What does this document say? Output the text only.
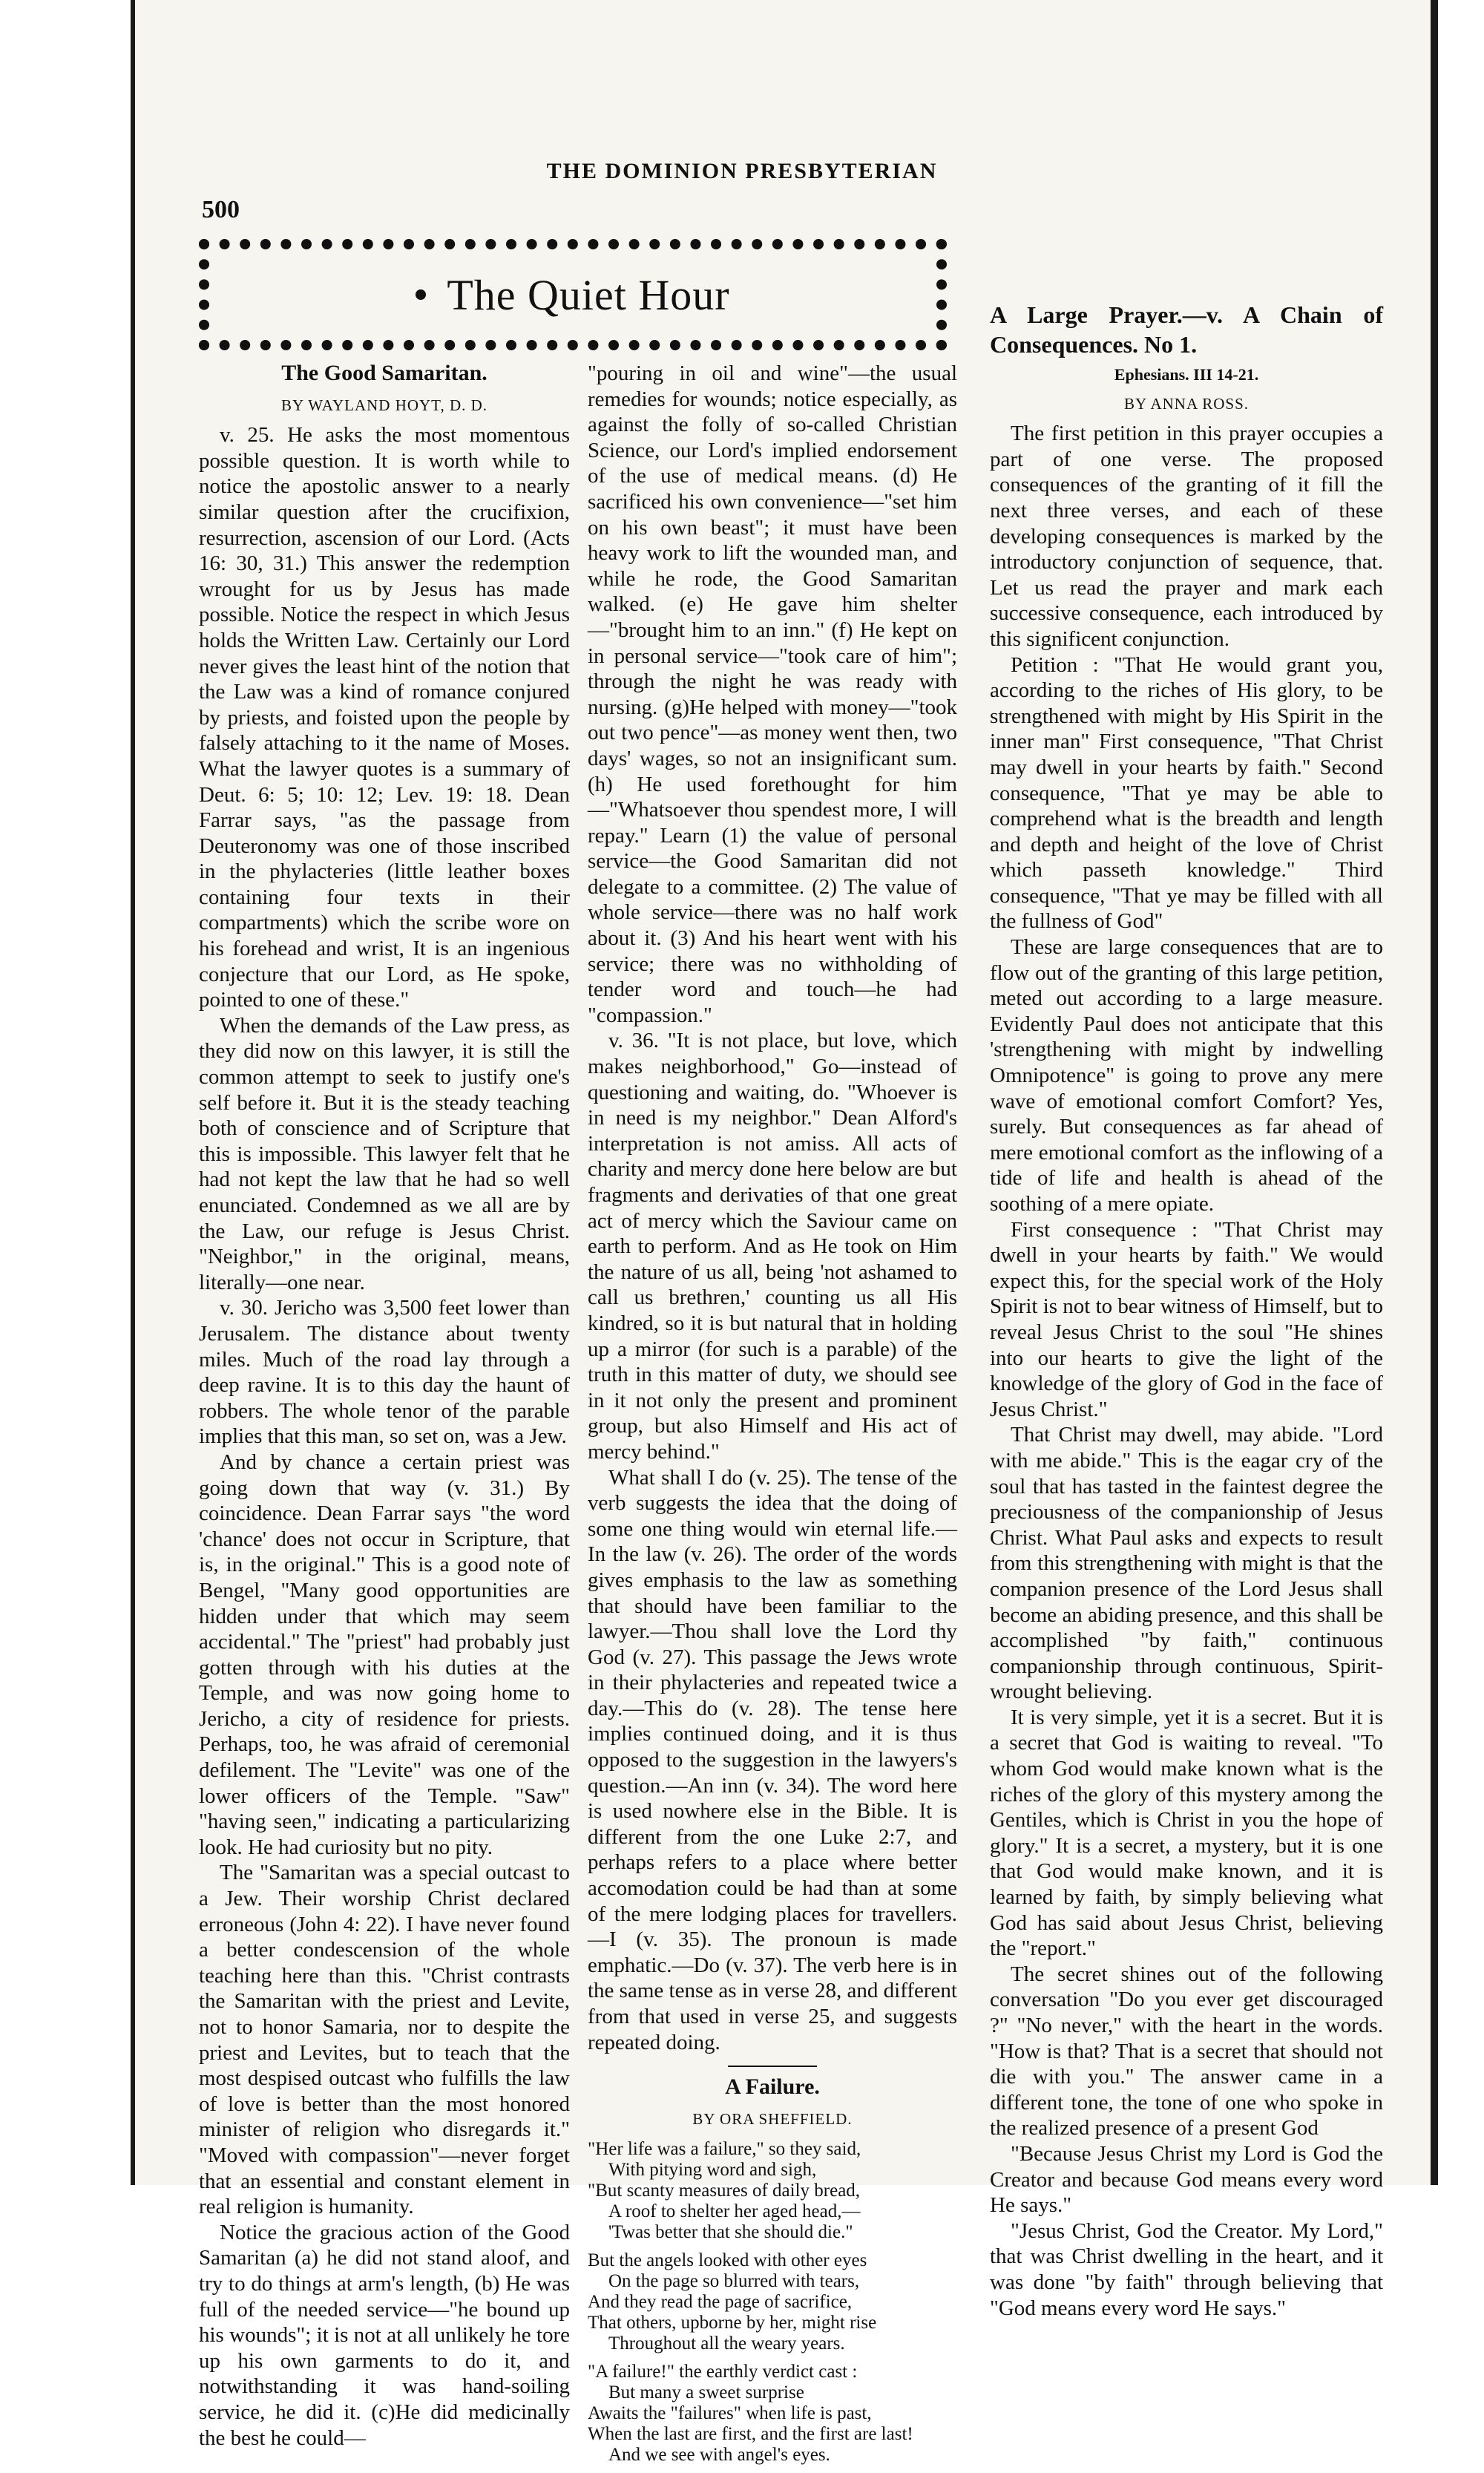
THE DOMINION PRESBYTERIAN
500
The Quiet Hour
The Good Samaritan.
BY WAYLAND HOYT, D. D.

v. 25. He asks the most momentous possible question. It is worth while to notice the apostolic answer to a nearly similar question after the crucifixion, resurrection, ascension of our Lord. (Acts 16: 30, 31.) This answer the redemption wrought for us by Jesus has made possible. Notice the respect in which Jesus holds the Written Law. Certainly our Lord never gives the least hint of the notion that the Law was a kind of romance conjured by priests, and foisted upon the people by falsely attaching to it the name of Moses. What the lawyer quotes is a summary of Deut. 6: 5; 10: 12; Lev. 19: 18. Dean Farrar says, "as the passage from Deuteronomy was one of those inscribed in the phylacteries (little leather boxes containing four texts in their compartments) which the scribe wore on his forehead and wrist, It is an ingenious conjecture that our Lord, as He spoke, pointed to one of these."

When the demands of the Law press, as they did now on this lawyer, it is still the common attempt to seek to justify one's self before it. But it is the steady teaching both of conscience and of Scripture that this is impossible. This lawyer felt that he had not kept the law that he had so well enunciated. Condemned as we all are by the Law, our refuge is Jesus Christ. "Neighbor," in the original, means, literally—one near.

v. 30. Jericho was 3,500 feet lower than Jerusalem. The distance about twenty miles. Much of the road lay through a deep ravine. It is to this day the haunt of robbers. The whole tenor of the parable implies that this man, so set on, was a Jew.

And by chance a certain priest was going down that way (v. 31.) By coincidence. Dean Farrar says "the word 'chance' does not occur in Scripture, that is, in the original." This is a good note of Bengel, "Many good opportunities are hidden under that which may seem accidental." The "priest" had probably just gotten through with his duties at the Temple, and was now going home to Jericho, a city of residence for priests. Perhaps, too, he was afraid of ceremonial defilement. The "Levite" was one of the lower officers of the Temple. "Saw" "having seen," indicating a particularizing look. He had curiosity but no pity.

The "Samaritan was a special outcast to a Jew. Their worship Christ declared erroneous (John 4: 22). I have never found a better condescension of the whole teaching here than this. "Christ contrasts the Samaritan with the priest and Levite, not to honor Samaria, nor to despite the priest and Levites, but to teach that the most despised outcast who fulfills the law of love is better than the most honored minister of religion who disregards it." "Moved with compassion"—never forget that an essential and constant element in real religion is humanity.

Notice the gracious action of the Good Samaritan (a) he did not stand aloof, and try to do things at arm's length, (b) He was full of the needed service—"he bound up his wounds"; it is not at all unlikely he tore up his own garments to do it, and notwithstanding it was hand-soiling service, he did it. (c)He did medicinally the best he could—

"pouring in oil and wine"—the usual remedies for wounds; notice especially, as against the folly of so-called Christian Science, our Lord's implied endorsement of the use of medical means. (d) He sacrificed his own convenience—"set him on his own beast"; it must have been heavy work to lift the wounded man, and while he rode, the Good Samaritan walked. (e) He gave him shelter—"brought him to an inn." (f) He kept on in personal service—"took care of him"; through the night he was ready with nursing. (g)He helped with money—"took out two pence"—as money went then, two days' wages, so not an insignificant sum. (h) He used forethought for him—"Whatsoever thou spendest more, I will repay." Learn (1) the value of personal service—the Good Samaritan did not delegate to a committee. (2) The value of whole service—there was no half work about it. (3) And his heart went with his service; there was no withholding of tender word and touch—he had "compassion."

v. 36. "It is not place, but love, which makes neighborhood," Go—instead of questioning and waiting, do. "Whoever is in need is my neighbor." Dean Alford's interpretation is not amiss. All acts of charity and mercy done here below are but fragments and derivaties of that one great act of mercy which the Saviour came on earth to perform. And as He took on Him the nature of us all, being 'not ashamed to call us brethren,' counting us all His kindred, so it is but natural that in holding up a mirror (for such is a parable) of the truth in this matter of duty, we should see in it not only the present and prominent group, but also Himself and His act of mercy behind."

What shall I do (v. 25). The tense of the verb suggests the idea that the doing of some one thing would win eternal life.—In the law (v. 26). The order of the words gives emphasis to the law as something that should have been familiar to the lawyer.—Thou shall love the Lord thy God (v. 27). This passage the Jews wrote in their phylacteries and repeated twice a day.—This do (v. 28). The tense here implies continued doing, and it is thus opposed to the suggestion in the lawyers's question.—An inn (v. 34). The word here is used nowhere else in the Bible. It is different from the one Luke 2:7, and perhaps refers to a place where better accomodation could be had than at some of the mere lodging places for travellers.—I (v. 35). The pronoun is made emphatic.—Do (v. 37). The verb here is in the same tense as in verse 28, and different from that used in verse 25, and suggests repeated doing.

A Failure.
BY ORA SHEFFIELD.
"Her life was a failure," so they said,
With pitying word and sigh,
"But scanty measures of daily bread,
A roof to shelter her aged head,—
'Twas better that she should die."
But the angels looked with other eyes
On the page so blurred with tears,
And they read the page of sacrifice,
That others, upborne by her, might rise
Throughout all the weary years.
"A failure!" the earthly verdict cast :
But many a sweet surprise
Awaits the "failures" when life is past,
When the last are first, and the first are last!
And we see with angel's eyes.
A Large Prayer.—v. A Chain of Consequences. No 1.
Ephesians. III 14-21.
BY ANNA ROSS.

The first petition in this prayer occupies a part of one verse. The proposed consequences of the granting of it fill the next three verses, and each of these developing consequences is marked by the introductory conjunction of sequence, that. Let us read the prayer and mark each successive consequence, each introduced by this significent conjunction.

Petition : "That He would grant you, according to the riches of His glory, to be strengthened with might by His Spirit in the inner man" First consequence, "That Christ may dwell in your hearts by faith." Second consequence, "That ye may be able to comprehend what is the breadth and length and depth and height of the love of Christ which passeth knowledge." Third consequence, "That ye may be filled with all the fullness of God"

These are large consequences that are to flow out of the granting of this large petition, meted out according to a large measure. Evidently Paul does not anticipate that this 'strengthening with might by indwelling Omnipotence" is going to prove any mere wave of emotional comfort Comfort? Yes, surely. But consequences as far ahead of mere emotional comfort as the inflowing of a tide of life and health is ahead of the soothing of a mere opiate.

First consequence : "That Christ may dwell in your hearts by faith." We would expect this, for the special work of the Holy Spirit is not to bear witness of Himself, but to reveal Jesus Christ to the soul "He shines into our hearts to give the light of the knowledge of the glory of God in the face of Jesus Christ."

That Christ may dwell, may abide. "Lord with me abide." This is the eagar cry of the soul that has tasted in the faintest degree the preciousness of the companionship of Jesus Christ. What Paul asks and expects to result from this strengthening with might is that the companion presence of the Lord Jesus shall become an abiding presence, and this shall be accomplished "by faith," continuous companionship through continuous, Spirit-wrought believing.

It is very simple, yet it is a secret. But it is a secret that God is waiting to reveal. "To whom God would make known what is the riches of the glory of this mystery among the Gentiles, which is Christ in you the hope of glory." It is a secret, a mystery, but it is one that God would make known, and it is learned by faith, by simply believing what God has said about Jesus Christ, believing the "report."

The secret shines out of the following conversation "Do you ever get discouraged ?" "No never," with the heart in the words. "How is that? That is a secret that should not die with you." The answer came in a different tone, the tone of one who spoke in the realized presence of a present God

"Because Jesus Christ my Lord is God the Creator and because God means every word He says."

"Jesus Christ, God the Creator. My Lord," that was Christ dwelling in the heart, and it was done "by faith" through believing that "God means every word He says."
